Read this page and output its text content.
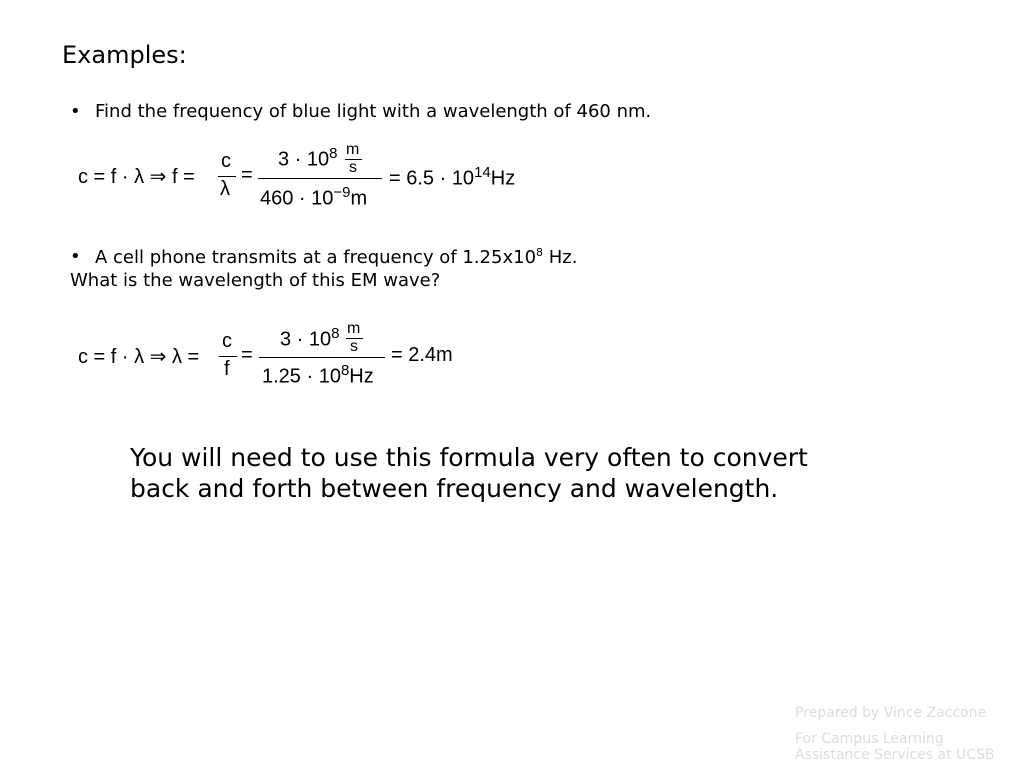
Examples:
• Find the frequency of blue light with a wavelength of 460 nm.
c = f · λ ⇒ f =
c
λ
=
$3 \cdot 10^8$ m
s
$460 \cdot 10^{-9}m$
= $6.5 \cdot 10^{14}Hz$
• A cell phone transmits at a frequency of $1.25x10^8$ Hz.
What is the wavelength of this EM wave?
c = f · λ ⇒ λ =
c
f
=
$3 \cdot 10^8$ m
s
$1.25 \cdot 10^8Hz$
= 2.4m
You will need to use this formula very often to convert back and forth between frequency and wavelength.
Prepared by Vince Zaccone
For Campus Learning Assistance Services at UCSB
